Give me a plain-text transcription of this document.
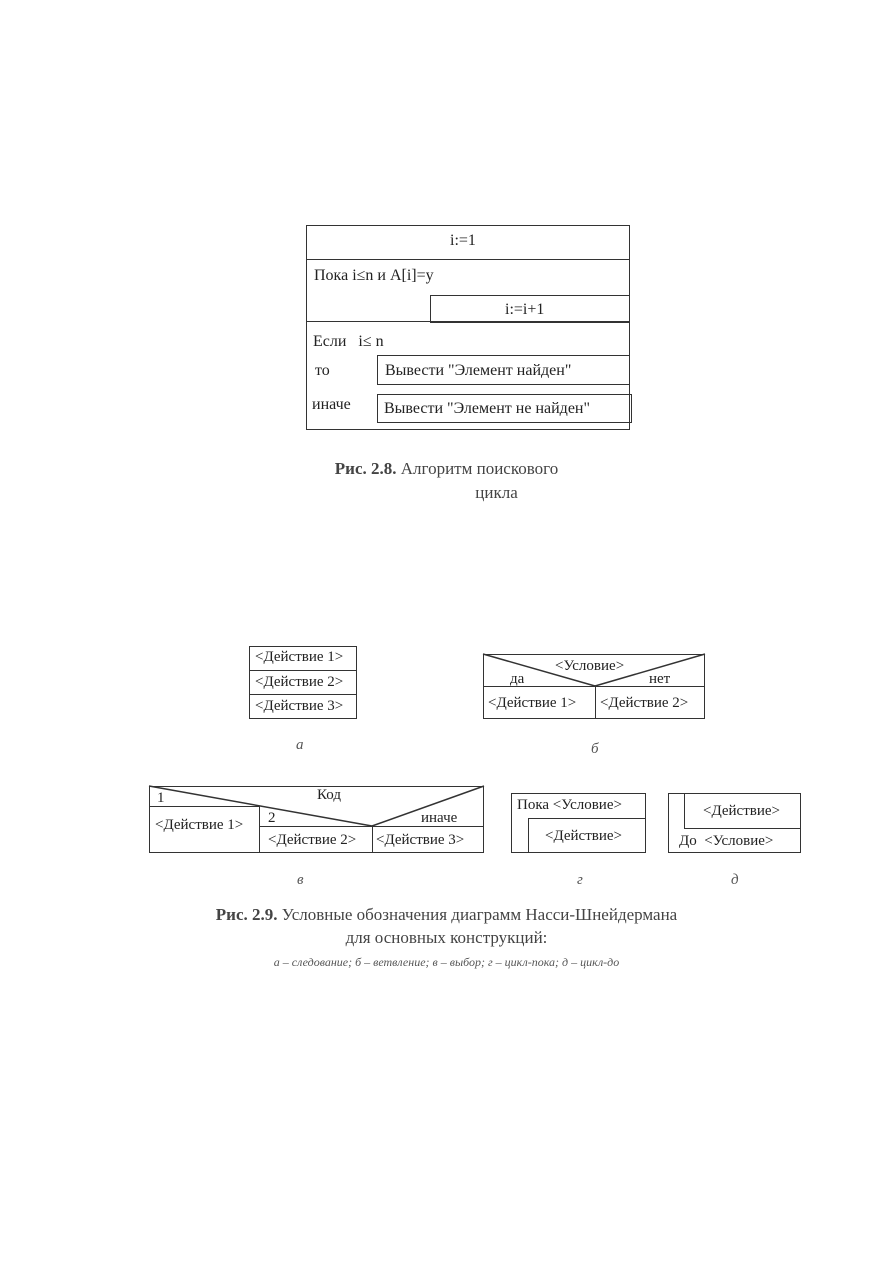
i:=1
Пока i≤n и A[i]=y
i:=i+1
Если   i≤ n
то	Вывести "Элемент найден"
иначе Вывести "Элемент не найден"
Рис. 2.8. Алгоритм поискового
цикла
<Действие 1>
<Действие 2>
<Действие 3>
а
<Условие>
да	нет
<Действие 1> <Действие 2>
б
Код
1
2	иначе
<Действие 1>
<Действие 2> <Действие 3>
в
Пока <Условие>
<Действие>
г
<Действие>
До  <Условие>
д
Рис. 2.9. Условные обозначения диаграмм Насси-Шнейдермана
для основных конструкций:
а – следование; б – ветвление; в – выбор; г – цикл-пока; д – цикл-до
